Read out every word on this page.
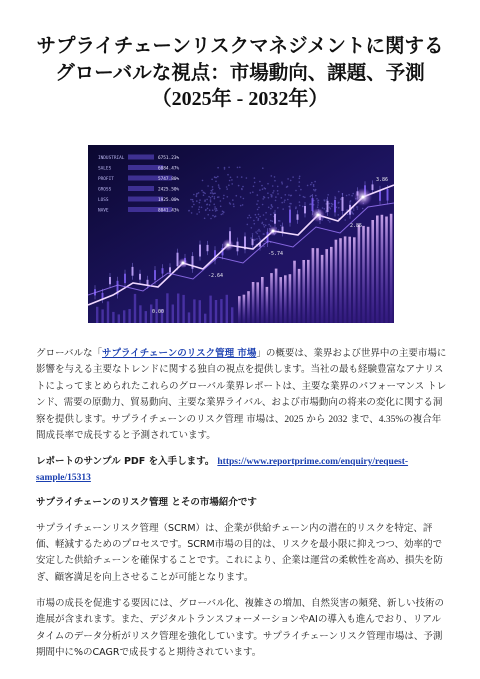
サプライチェーンリスクマネジメントに関する
グローバルな視点：市場動向、課題、予測
（2025年 - 2032年）
INDUSTRIAL	6751.23%
SALES	6084.47%
PROFIT	5747.80%
GROSS	2425.50%
LOSS	1925.00%
NAVE	8041.43%
0.00
-2.64
-5.74
2.85
3.86

グローバルな「サプライチェーンのリスク管理 市場」の概要は、業界および世界中の主要市場に影響を与える主要なトレンドに関する独自の視点を提供します。当社の最も経験豊富なアナリストによってまとめられたこれらのグローバル業界レポートは、主要な業界のパフォーマンス トレンド、需要の原動力、貿易動向、主要な業界ライバル、および市場動向の将来の変化に関する洞察を提供します。サプライチェーンのリスク管理 市場は、2025 から 2032 まで、4.35%の複合年間成長率で成長すると予測されています。

レポートのサンプル PDF を入手します。 https://www.reportprime.com/enquiry/request-sample/15313

サプライチェーンのリスク管理 とその市場紹介です

サプライチェーンリスク管理（SCRM）は、企業が供給チェーン内の潜在的リスクを特定、評価、軽減するためのプロセスです。SCRM市場の目的は、リスクを最小限に抑えつつ、効率的で安定した供給チェーンを確保することです。これにより、企業は運営の柔軟性を高め、損失を防ぎ、顧客満足を向上させることが可能となります。

市場の成長を促進する要因には、グローバル化、複雑さの増加、自然災害の頻発、新しい技術の進展が含まれます。また、デジタルトランスフォーメーションやAIの導入も進んでおり、リアルタイムのデータ分析がリスク管理を強化しています。サプライチェーンリスク管理市場は、予測期間中に%のCAGRで成長すると期待されています。
